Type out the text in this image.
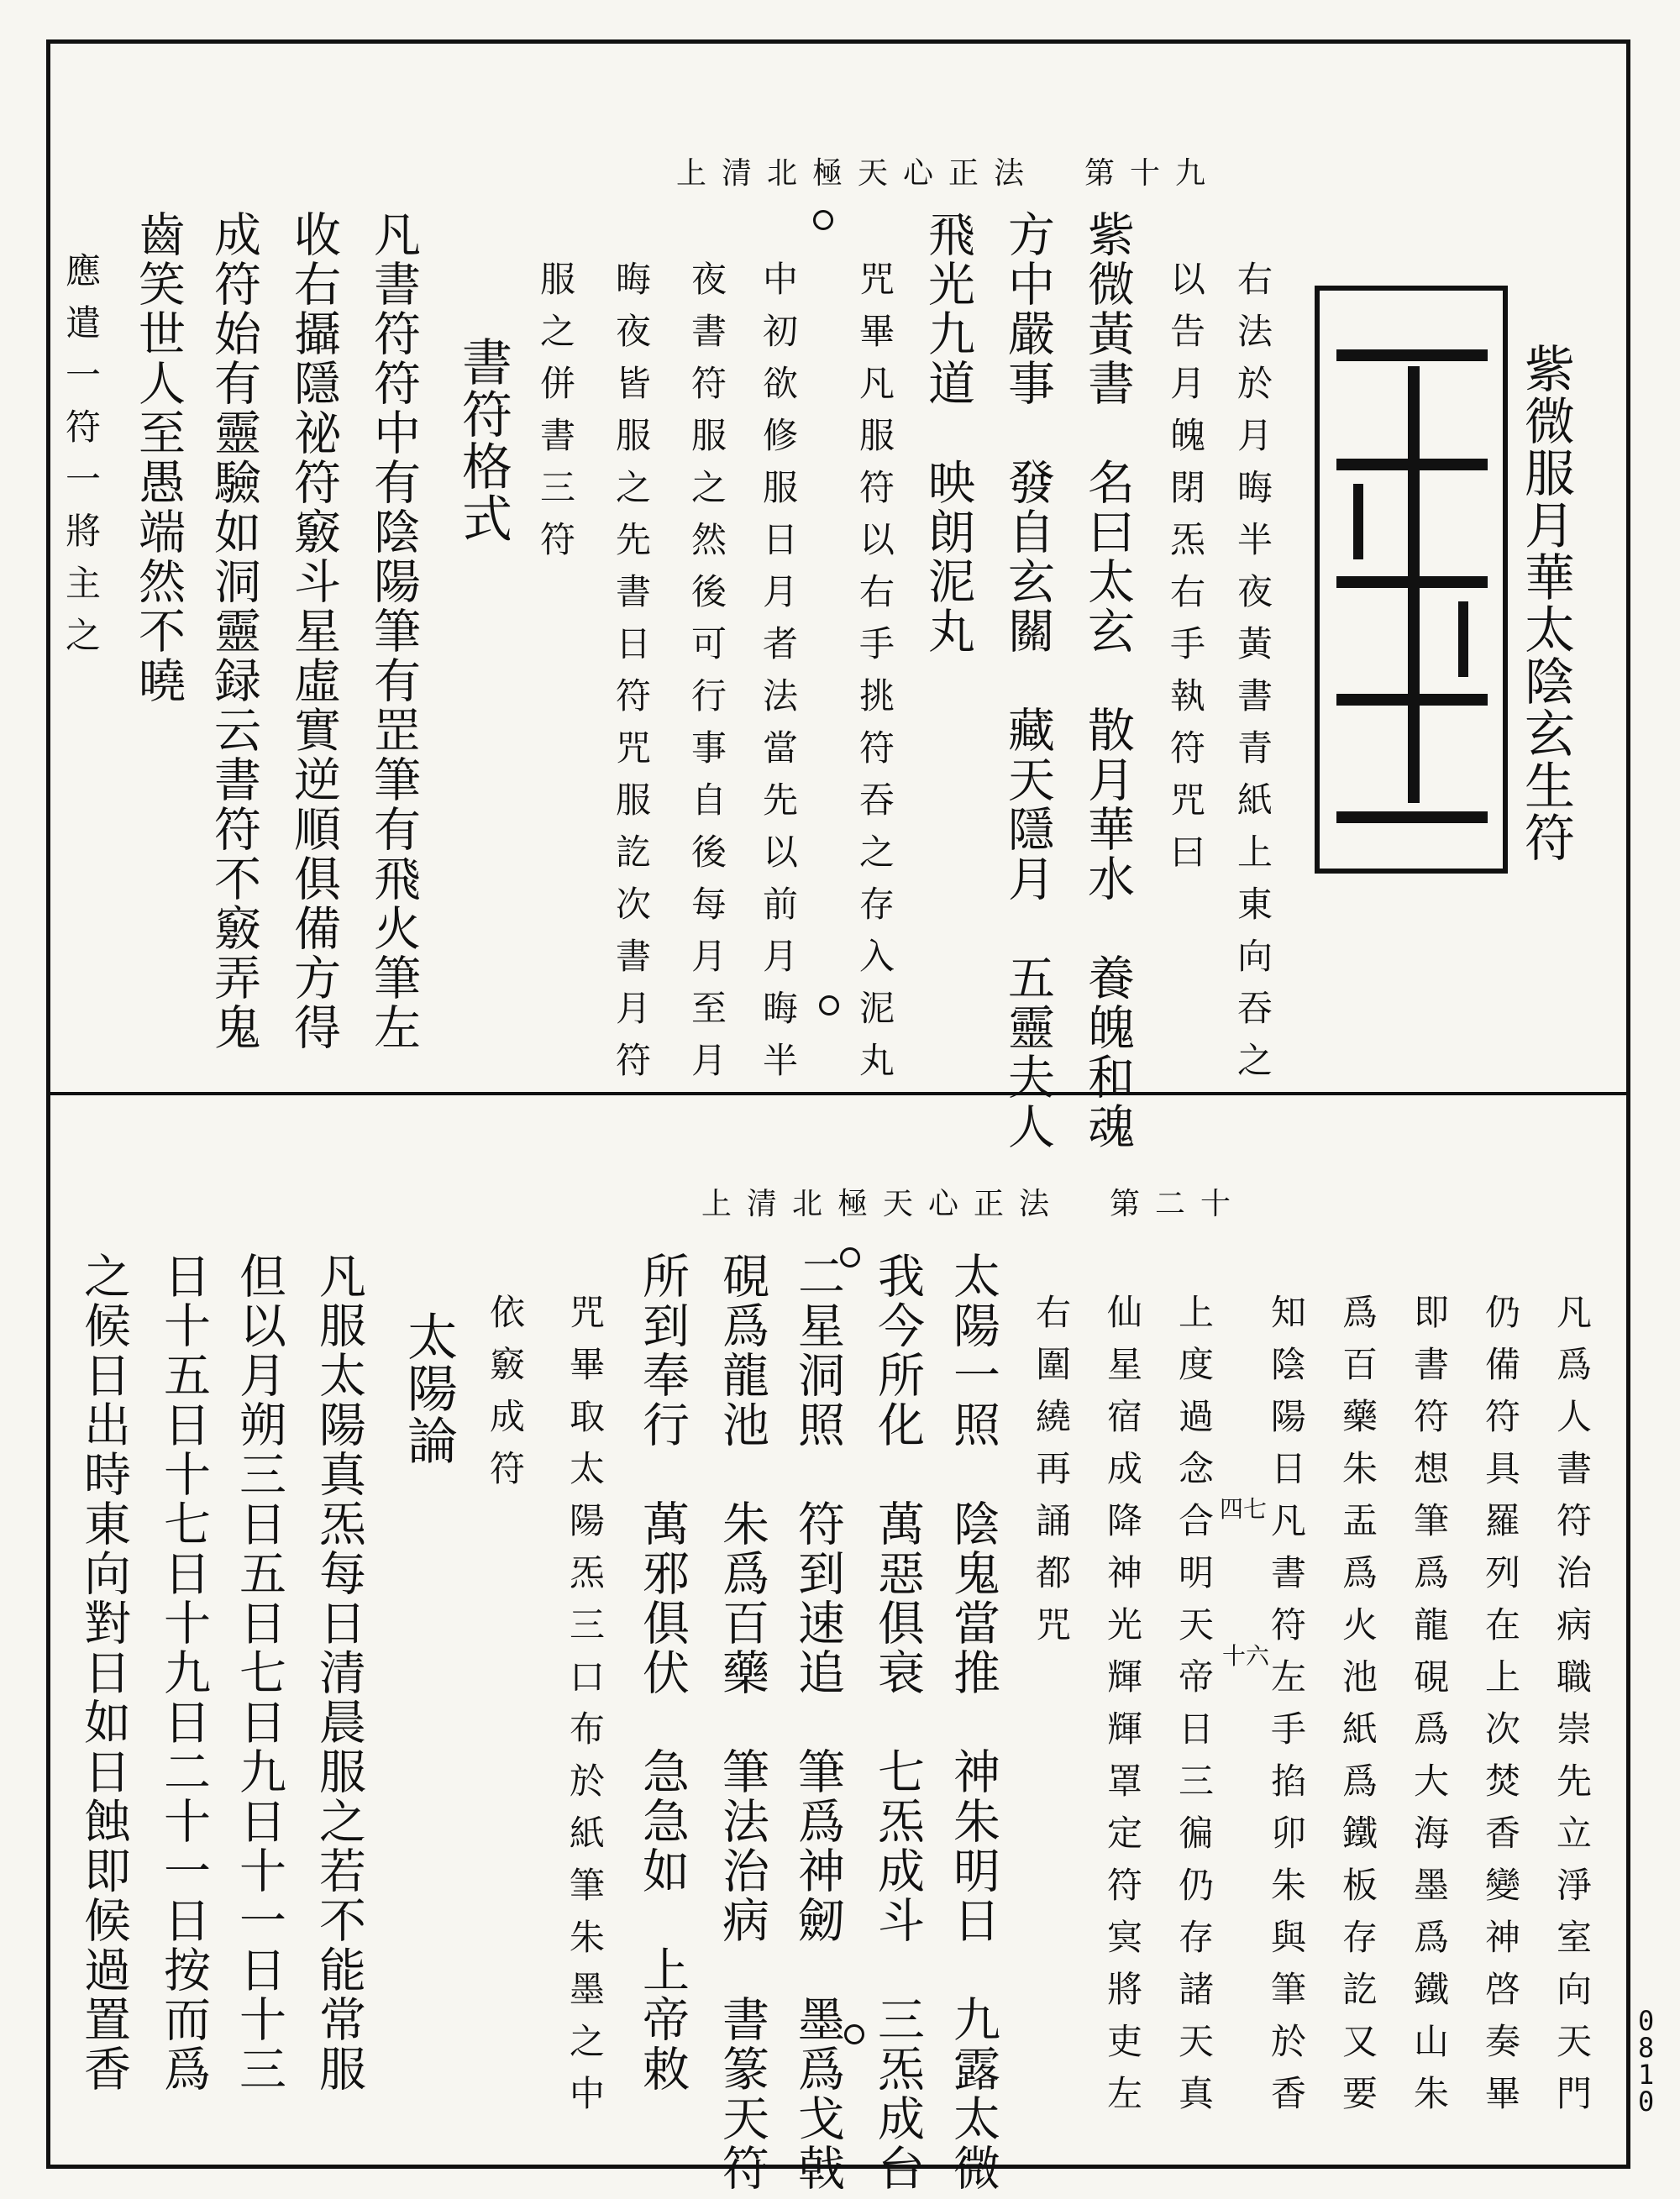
上清北極天心正法　第十九
紫微服月華太陰玄生符
右法於月晦半夜黃書青紙上東向吞之
以告月魄閉炁右手執符咒曰
紫微黃書　名曰太玄　散月華水　養魄和魂
方中嚴事　發自玄關　藏天隱月　五靈夫人
飛光九道　映朗泥丸
咒畢凡服符以右手挑符吞之存入泥丸
中初欲修服日月者法當先以前月晦半
夜書符服之然後可行事自後每月至月
晦夜皆服之先書日符咒服訖次書月符
服之併書三符
書符格式
凡書符符中有陰陽筆有罡筆有飛火筆左
收右攝隱祕符竅斗星虛實逆順俱備方得
成符始有靈驗如洞靈録云書符不竅弄鬼
齒笑世人至愚端然不曉
應遣一符一將主之
上清北極天心正法　第二十
凡爲人書符治病職崇先立淨室向天門
仍備符具羅列在上次焚香變神啓奏畢
即書符想筆爲龍硯爲大海墨爲鐵山朱
爲百藥朱盂爲火池紙爲鐵板存訖又要
知陰陽日凡書符左手掐卯朱與筆於香
上度過念合明天帝日三徧仍存諸天真
仙星宿成降神光輝輝罩定符㝠將吏左
右圍繞再誦都咒
太陽一照　陰鬼當推　神朱明日　九露太微
我今所化　萬惡俱衰　七炁成斗　三炁成台
二星洞照　符到速追　筆爲神劒　墨爲戈戟
硯爲龍池　朱爲百藥　筆法治病　書篆天符
所到奉行　萬邪俱伏　急急如　上帝敕
咒畢取太陽炁三口布於紙筆朱墨之中
依竅成符
太陽論
凡服太陽真炁每日清晨服之若不能常服
但以月朔三日五日七日九日十一日十三
日十五日十七日十九日二十一日按而爲
之候日出時東向對日如日蝕即候過置香	四七
十六
0810
